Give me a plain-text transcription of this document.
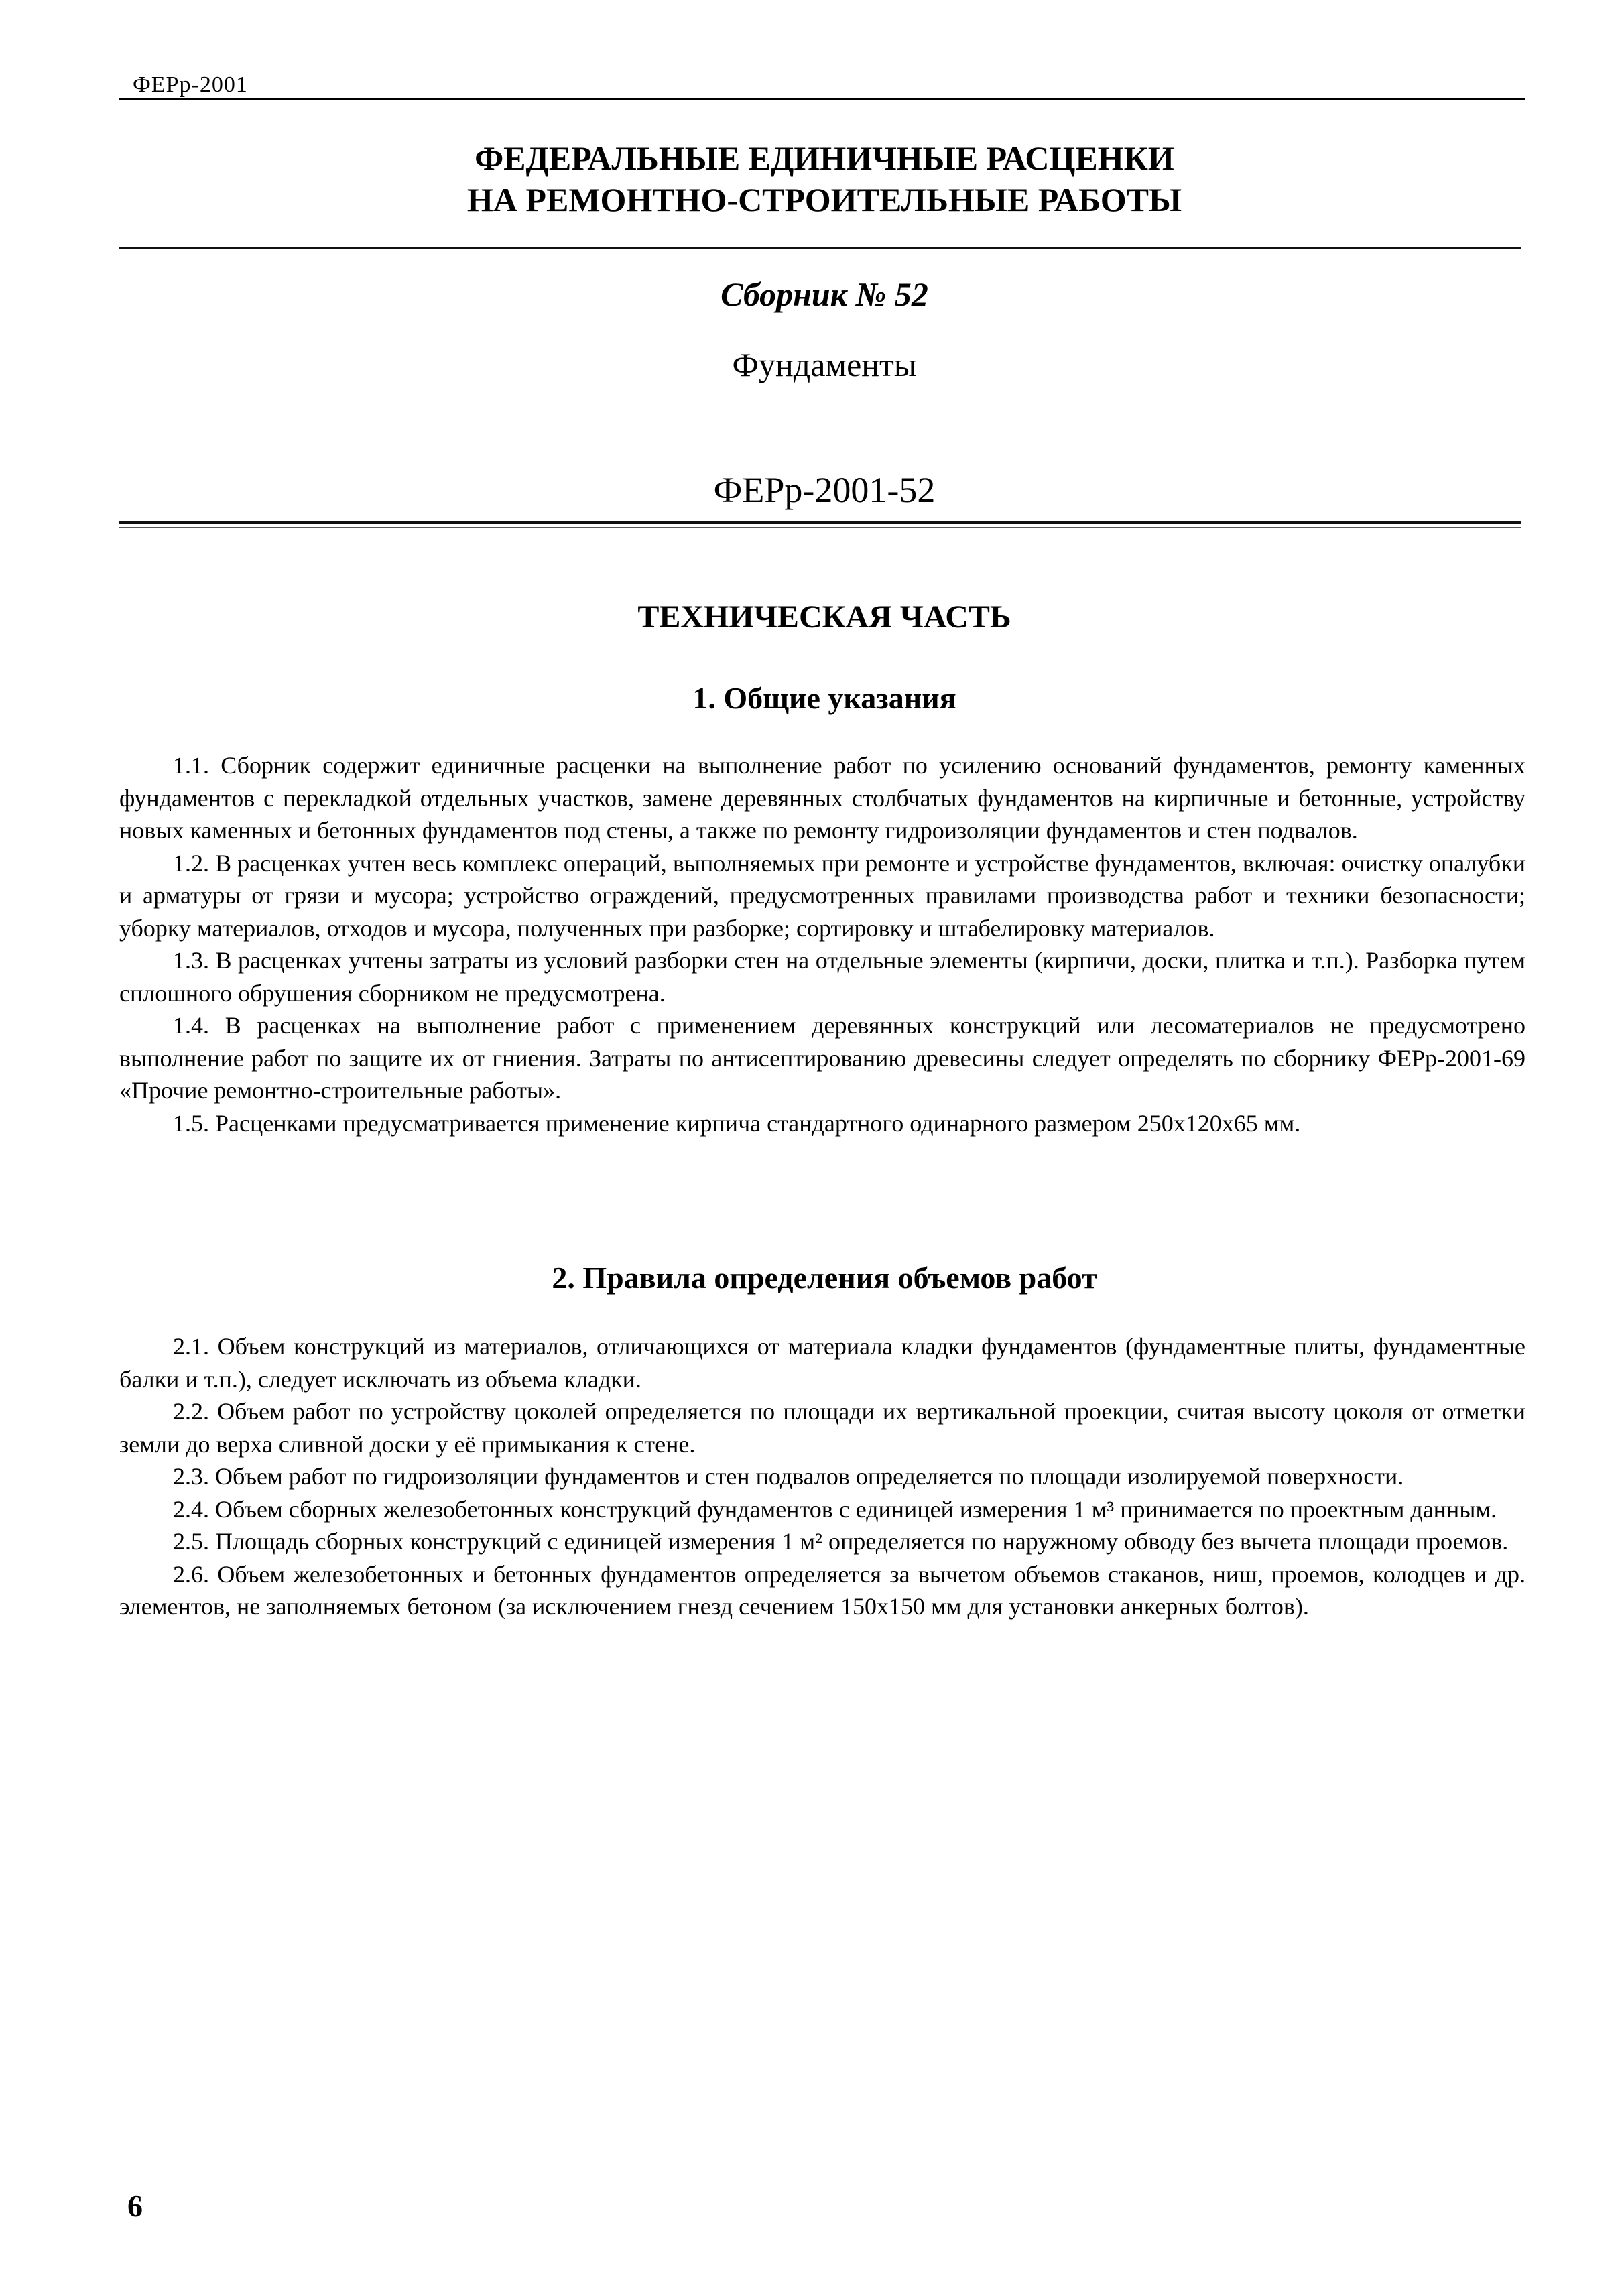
ФЕРр-2001
ФЕДЕРАЛЬНЫЕ ЕДИНИЧНЫЕ РАСЦЕНКИ
НА РЕМОНТНО-СТРОИТЕЛЬНЫЕ РАБОТЫ
Сборник № 52
Фундаменты
ФЕРр-2001-52
ТЕХНИЧЕСКАЯ ЧАСТЬ
1. Общие указания

1.1. Сборник содержит единичные расценки на выполнение работ по усилению оснований фундаментов, ремонту каменных фундаментов с перекладкой отдельных участков, замене деревянных столбчатых фундаментов на кирпичные и бетонные, устройству новых каменных и бетонных фундаментов под стены, а также по ремонту гидроизоляции фундаментов и стен подвалов.

1.2. В расценках учтен весь комплекс операций, выполняемых при ремонте и устройстве фундаментов, включая: очистку опалубки и арматуры от грязи и мусора; устройство ограждений, предусмотренных правилами производства работ и техники безопасности; уборку материалов, отходов и мусора, полученных при разборке; сортировку и штабелировку материалов.

1.3. В расценках учтены затраты из условий разборки стен на отдельные элементы (кирпичи, доски, плитка и т.п.). Разборка путем сплошного обрушения сборником не предусмотрена.

1.4. В расценках на выполнение работ с применением деревянных конструкций или лесоматериалов не предусмотрено выполнение работ по защите их от гниения. Затраты по антисептированию древесины следует определять по сборнику ФЕРр-2001-69 «Прочие ремонтно-строительные работы».

1.5. Расценками предусматривается применение кирпича стандартного одинарного размером 250x120x65 мм.

2. Правила определения объемов работ

2.1. Объем конструкций из материалов, отличающихся от материала кладки фундаментов (фундаментные плиты, фундаментные балки и т.п.), следует исключать из объема кладки.

2.2. Объем работ по устройству цоколей определяется по площади их вертикальной проекции, считая высоту цоколя от отметки земли до верха сливной доски у её примыкания к стене.

2.3. Объем работ по гидроизоляции фундаментов и стен подвалов определяется по площади изолируемой поверхности.

2.4. Объем сборных железобетонных конструкций фундаментов с единицей измерения 1 м³ принимается по проектным данным.

2.5. Площадь сборных конструкций с единицей измерения 1 м² определяется по наружному обводу без вычета площади проемов.

2.6. Объем железобетонных и бетонных фундаментов определяется за вычетом объемов стаканов, ниш, проемов, колодцев и др. элементов, не заполняемых бетоном (за исключением гнезд сечением 150x150 мм для установки анкерных болтов).

6
